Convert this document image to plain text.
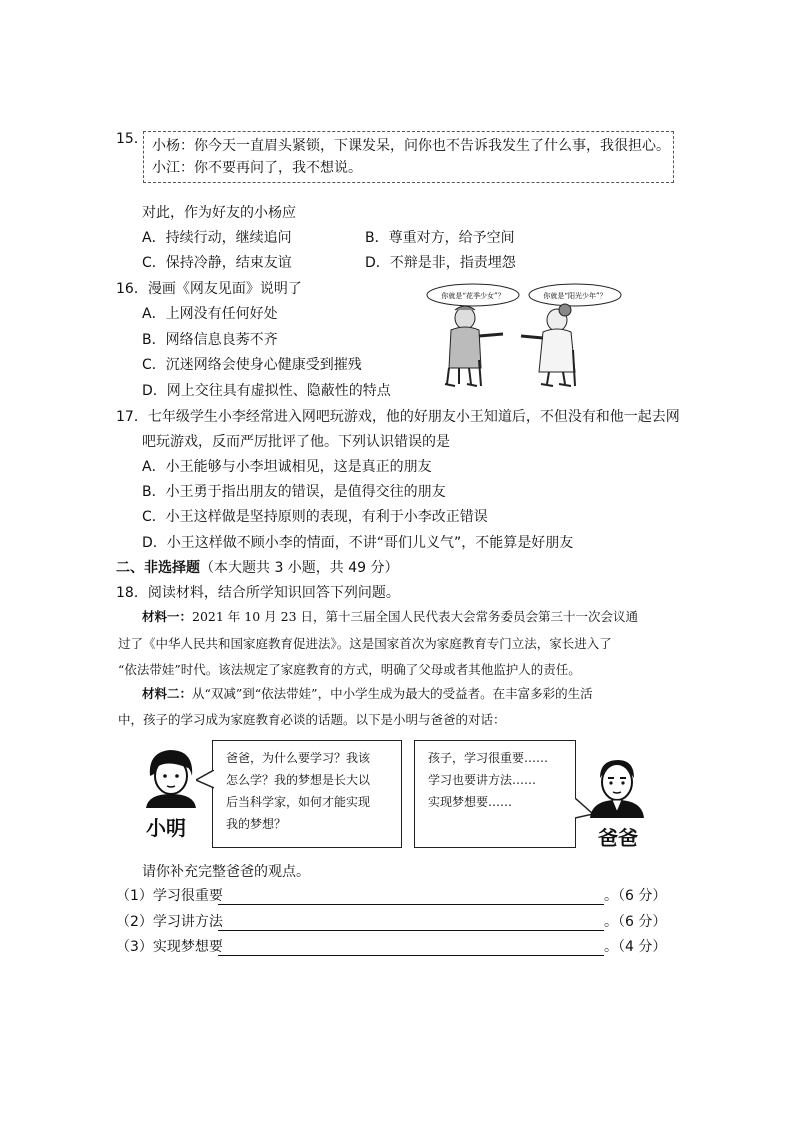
15． 小杨：你今天一直眉头紧锁，下课发呆，问你也不告诉我发生了什么事，我很担心。
小江：你不要再问了，我不想说。
对此，作为好友的小杨应
A．持续行动，继续追问	B．尊重对方，给予空间
C．保持冷静，结束友谊	D．不辩是非，指责埋怨
16．漫画《网友见面》说明了
A．上网没有任何好处
B．网络信息良莠不齐
C．沉迷网络会使身心健康受到摧残
D．网上交往具有虚拟性、隐蔽性的特点
你就是“花季少女”？	你就是“阳光少年”？
17．七年级学生小李经常进入网吧玩游戏，他的好朋友小王知道后，不但没有和他一起去网
吧玩游戏，反而严厉批评了他。下列认识错误的是
A．小王能够与小李坦诚相见，这是真正的朋友
B．小王勇于指出朋友的错误，是值得交往的朋友
C．小王这样做是坚持原则的表现，有利于小李改正错误
D．小王这样做不顾小李的情面，不讲“哥们儿义气”，不能算是好朋友
二、非选择题（本大题共 3 小题，共 49 分）
18．阅读材料，结合所学知识回答下列问题。
材料一：2021 年 10 月 23 日，第十三届全国人民代表大会常务委员会第三十一次会议通
过了《中华人民共和国家庭教育促进法》。这是国家首次为家庭教育专门立法，家长进入了
“依法带娃”时代。该法规定了家庭教育的方式，明确了父母或者其他监护人的责任。
材料二：从“双减”到“依法带娃”，中小学生成为最大的受益者。在丰富多彩的生活
中，孩子的学习成为家庭教育必谈的话题。以下是小明与爸爸的对话：
小明
爸爸，为什么要学习？我该
怎么学？我的梦想是长大以
后当科学家，如何才能实现
我的梦想？
孩子，学习很重要……
学习也要讲方法……
实现梦想要……
爸爸
请你补充完整爸爸的观点。
（1）学习很重要	。（6 分）
（2）学习讲方法	。（6 分）
（3）实现梦想要	。（4 分）
